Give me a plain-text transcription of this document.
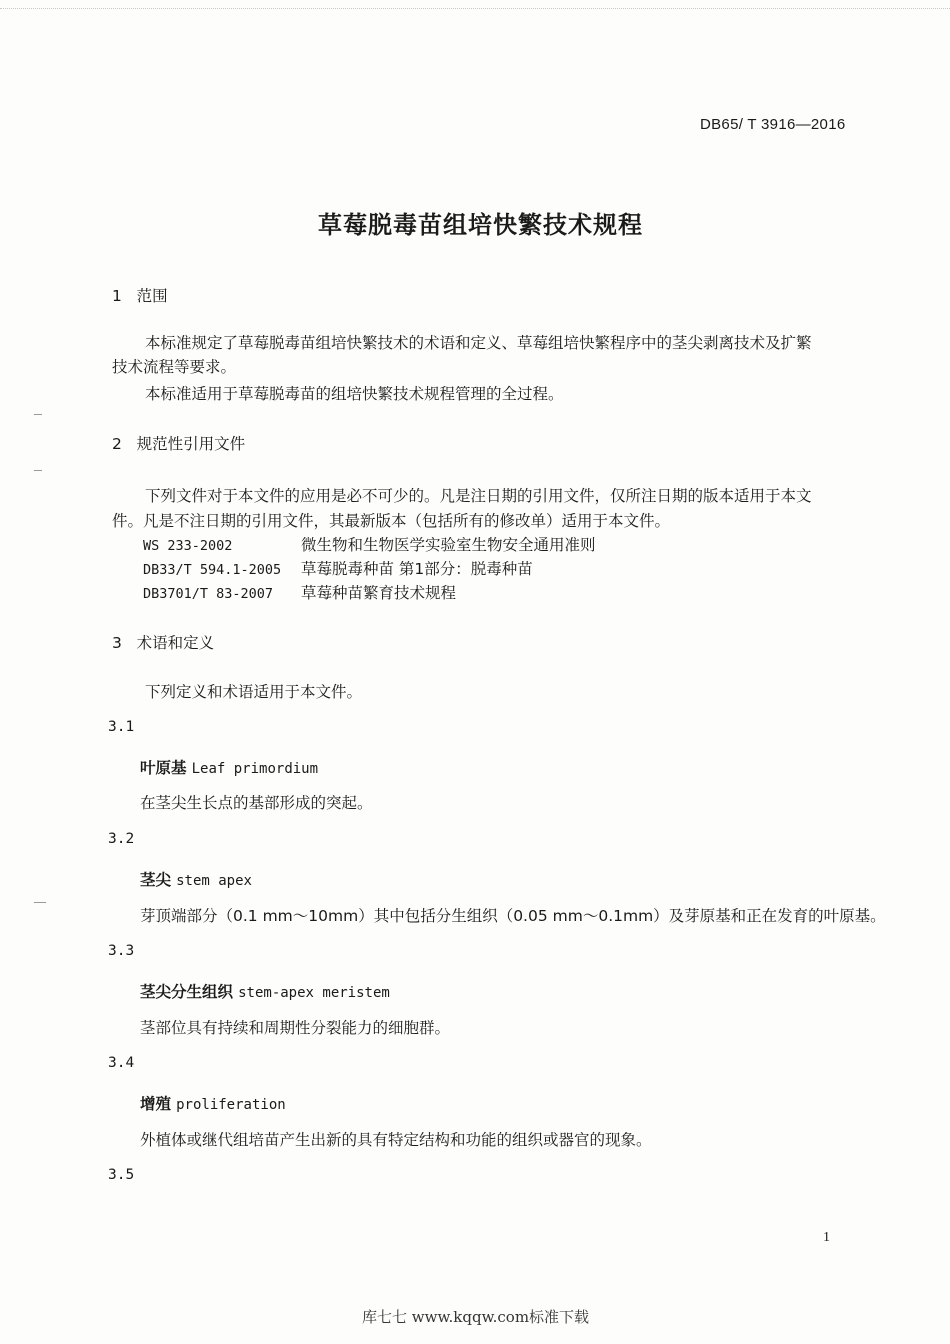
DB65/ T 3916—2016
草莓脱毒苗组培快繁技术规程
1 范围
本标准规定了草莓脱毒苗组培快繁技术的术语和定义、草莓组培快繁程序中的茎尖剥离技术及扩繁
技术流程等要求。
本标准适用于草莓脱毒苗的组培快繁技术规程管理的全过程。
2 规范性引用文件
下列文件对于本文件的应用是必不可少的。凡是注日期的引用文件，仅所注日期的版本适用于本文
件。凡是不注日期的引用文件，其最新版本（包括所有的修改单）适用于本文件。
WS 233-2002	微生物和生物医学实验室生物安全通用准则
DB33/T 594.1-2005 草莓脱毒种苗 第1部分：脱毒种苗
DB3701/T 83-2007 草莓种苗繁育技术规程
3 术语和定义
下列定义和术语适用于本文件。
3.1
叶原基 Leaf primordium
在茎尖生长点的基部形成的突起。
3.2
茎尖 stem apex
芽顶端部分（0.1 mm～10mm）其中包括分生组织（0.05 mm～0.1mm）及芽原基和正在发育的叶原基。
3.3
茎尖分生组织 stem-apex meristem
茎部位具有持续和周期性分裂能力的细胞群。
3.4
增殖 proliferation
外植体或继代组培苗产生出新的具有特定结构和功能的组织或器官的现象。
3.5
1
库七七 www.kqqw.com标准下载
